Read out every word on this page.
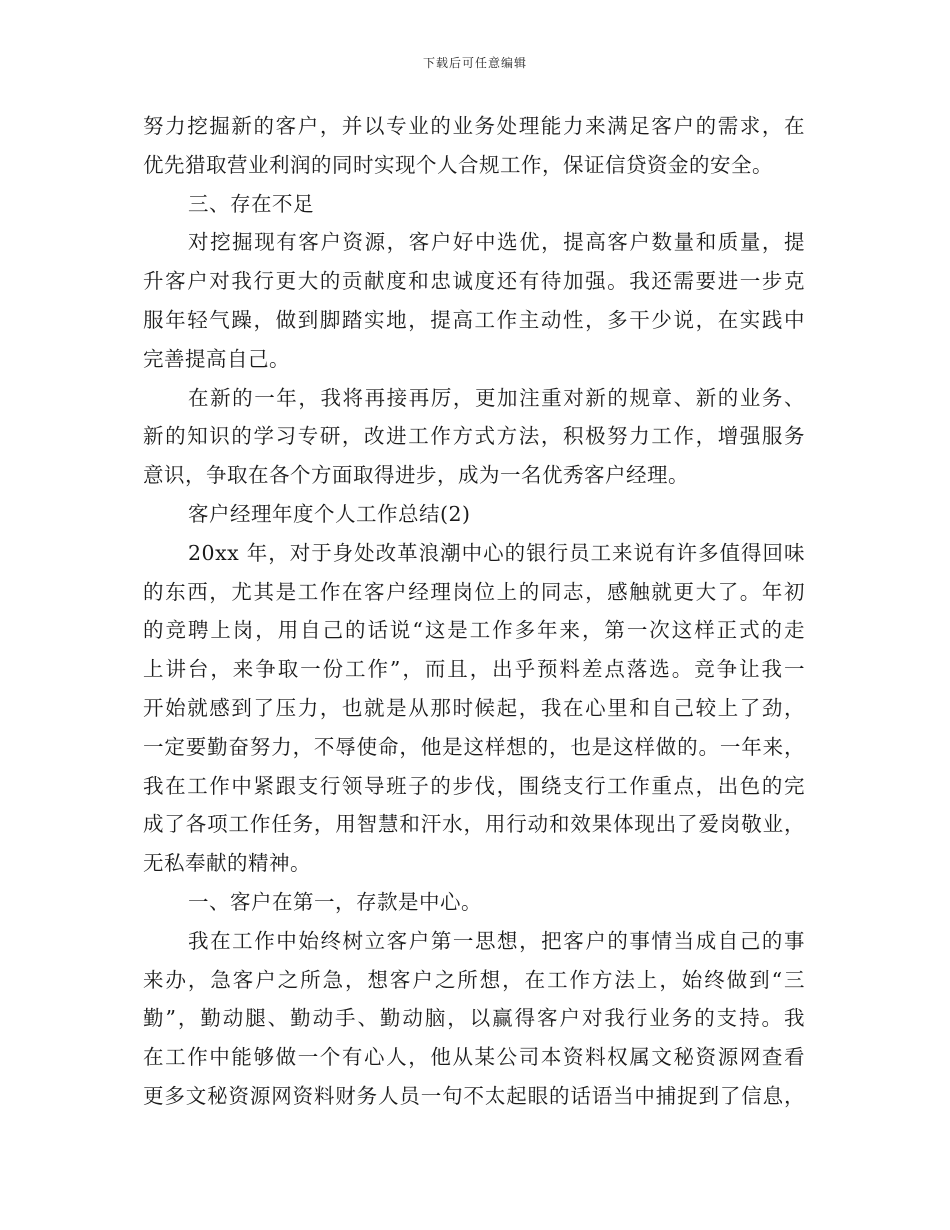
下载后可任意编辑
努力挖掘新的客户，并以专业的业务处理能力来满足客户的需求，在
优先猎取营业利润的同时实现个人合规工作，保证信贷资金的安全。
三、存在不足
对挖掘现有客户资源，客户好中选优，提高客户数量和质量，提
升客户对我行更大的贡献度和忠诚度还有待加强。我还需要进一步克
服年轻气躁，做到脚踏实地，提高工作主动性，多干少说，在实践中
完善提高自己。
在新的一年，我将再接再厉，更加注重对新的规章、新的业务、
新的知识的学习专研，改进工作方式方法，积极努力工作，增强服务
意识，争取在各个方面取得进步，成为一名优秀客户经理。
客户经理年度个人工作总结(2)
20xx 年，对于身处改革浪潮中心的银行员工来说有许多值得回味
的东西，尤其是工作在客户经理岗位上的同志，感触就更大了。年初
的竞聘上岗，用自己的话说“这是工作多年来，第一次这样正式的走
上讲台，来争取一份工作”，而且，出乎预料差点落选。竞争让我一
开始就感到了压力，也就是从那时候起，我在心里和自己较上了劲，
一定要勤奋努力，不辱使命，他是这样想的，也是这样做的。一年来，
我在工作中紧跟支行领导班子的步伐，围绕支行工作重点，出色的完
成了各项工作任务，用智慧和汗水，用行动和效果体现出了爱岗敬业，
无私奉献的精神。
一、客户在第一，存款是中心。
我在工作中始终树立客户第一思想，把客户的事情当成自己的事
来办，急客户之所急，想客户之所想，在工作方法上，始终做到“三
勤”，勤动腿、勤动手、勤动脑，以赢得客户对我行业务的支持。我
在工作中能够做一个有心人，他从某公司本资料权属文秘资源网查看
更多文秘资源网资料财务人员一句不太起眼的话语当中捕捉到了信息，
